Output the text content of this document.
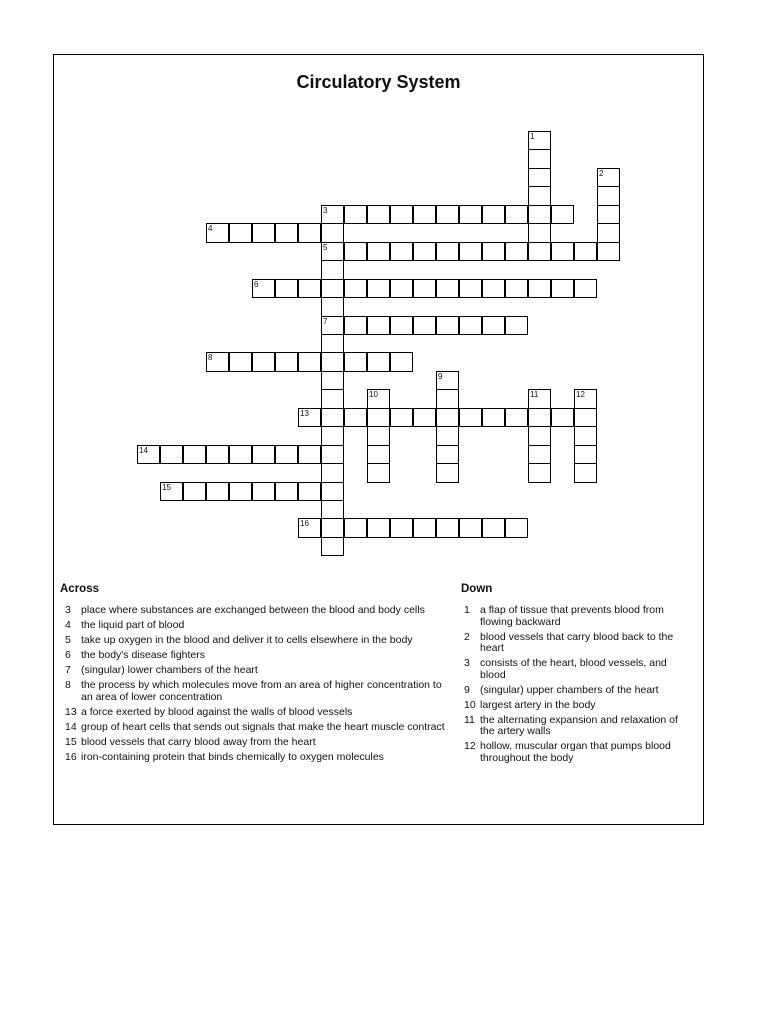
Circulatory System
3
4
5
6
7
8
13
14
15
16
1
2
9
10	11	12
Across
3 place where substances are exchanged between the blood and body cells
4 the liquid part of blood
5 take up oxygen in the blood and deliver it to cells elsewhere in the body
6 the body's disease fighters
7 (singular) lower chambers of the heart
8 the process by which molecules move from an area of higher concentration to an area of lower concentration
13 a force exerted by blood against the walls of blood vessels
14 group of heart cells that sends out signals that make the heart muscle contract
15 blood vessels that carry blood away from the heart
16 iron-containing protein that binds chemically to oxygen molecules
Down
1 a flap of tissue that prevents blood from flowing backward
2 blood vessels that carry blood back to the heart
3 consists of the heart, blood vessels, and blood
9 (singular) upper chambers of the heart
10 largest artery in the body
11 the alternating expansion and relaxation of the artery walls
12 hollow, muscular organ that pumps blood throughout the body
